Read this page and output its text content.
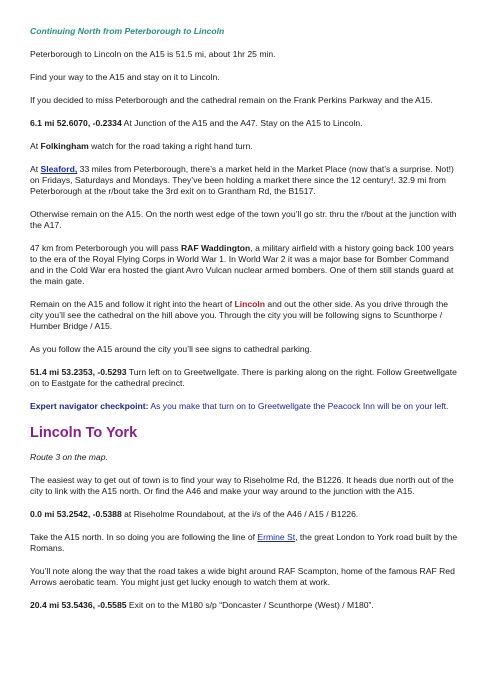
Continuing North from Peterborough to Lincoln

Peterborough to Lincoln on the A15 is 51.5 mi, about 1hr 25 min.

Find your way to the A15 and stay on it to Lincoln.

If you decided to miss Peterborough and the cathedral remain on the Frank Perkins Parkway and the A15.

6.1 mi 52.6070, -0.2334 At Junction of the A15 and the A47. Stay on the A15 to Lincoln.

At Folkingham watch for the road taking a right hand turn.

At Sleaford, 33 miles from Peterborough, there’s a market held in the Market Place (now that’s a surprise. Not!) on Fridays, Saturdays and Mondays. They’ve been holding a market there since the 12 century!. 32.9 mi from Peterborough at the r/bout take the 3rd exit on to Grantham Rd, the B1517.

Otherwise remain on the A15. On the north west edge of the town you’ll go str. thru the r/bout at the junction with the A17.

47 km from Peterborough you will pass RAF Waddington, a military airfield with a history going back 100 years to the era of the Royal Flying Corps in World War 1. In World War 2 it was a major base for Bomber Command and in the Cold War era hosted the giant Avro Vulcan nuclear armed bombers. One of them still stands guard at the main gate.

Remain on the A15 and follow it right into the heart of Lincoln and out the other side. As you drive through the city you’ll see the cathedral on the hill above you. Through the city you will be following signs to Scunthorpe / Humber Bridge / A15.

As you follow the A15 around the city you’ll see signs to cathedral parking.

51.4 mi 53.2353, -0.5293 Turn left on to Greetwellgate. There is parking along on the right. Follow Greetwellgate on to Eastgate for the cathedral precinct.

Expert navigator checkpoint: As you make that turn on to Greetwellgate the Peacock Inn will be on your left.

Lincoln To York

Route 3 on the map.

The easiest way to get out of town is to find your way to Riseholme Rd, the B1226. It heads due north out of the city to link with the A15 north. Or find the A46 and make your way around to the junction with the A15.

0.0 mi 53.2542, -0.5388 at Riseholme Roundabout, at the i/s of the A46 / A15 / B1226.

Take the A15 north. In so doing you are following the line of Ermine St, the great London to York road built by the Romans.

You’ll note along the way that the road takes a wide bight around RAF Scampton, home of the famous RAF Red Arrows aerobatic team. You might just get lucky enough to watch them at work.

20.4 mi 53.5436, -0.5585 Exit on to the M180 s/p “Doncaster / Scunthorpe (West) / M180”.
